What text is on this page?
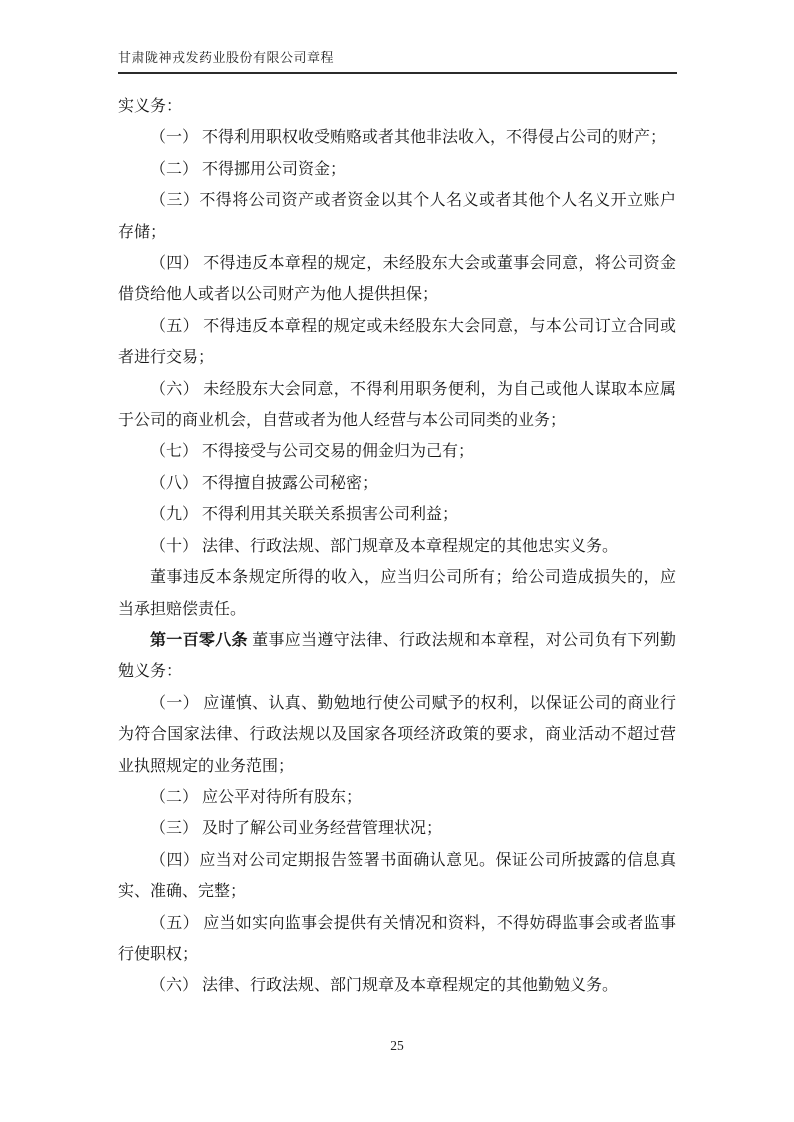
甘肃陇神戎发药业股份有限公司章程

实义务：

（一） 不得利用职权收受贿赂或者其他非法收入，不得侵占公司的财产；

（二） 不得挪用公司资金；

（三）不得将公司资产或者资金以其个人名义或者其他个人名义开立账户存储；

（四） 不得违反本章程的规定，未经股东大会或董事会同意，将公司资金借贷给他人或者以公司财产为他人提供担保；

（五） 不得违反本章程的规定或未经股东大会同意，与本公司订立合同或者进行交易；

（六） 未经股东大会同意，不得利用职务便利，为自己或他人谋取本应属于公司的商业机会，自营或者为他人经营与本公司同类的业务；

（七） 不得接受与公司交易的佣金归为己有；

（八） 不得擅自披露公司秘密；

（九） 不得利用其关联关系损害公司利益；

（十） 法律、行政法规、部门规章及本章程规定的其他忠实义务。

董事违反本条规定所得的收入，应当归公司所有；给公司造成损失的，应当承担赔偿责任。

第一百零八条 董事应当遵守法律、行政法规和本章程，对公司负有下列勤勉义务：

（一） 应谨慎、认真、勤勉地行使公司赋予的权利，以保证公司的商业行为符合国家法律、行政法规以及国家各项经济政策的要求，商业活动不超过营业执照规定的业务范围；

（二） 应公平对待所有股东；

（三） 及时了解公司业务经营管理状况；

（四）应当对公司定期报告签署书面确认意见。保证公司所披露的信息真实、准确、完整；

（五） 应当如实向监事会提供有关情况和资料，不得妨碍监事会或者监事行使职权；

（六） 法律、行政法规、部门规章及本章程规定的其他勤勉义务。

25
